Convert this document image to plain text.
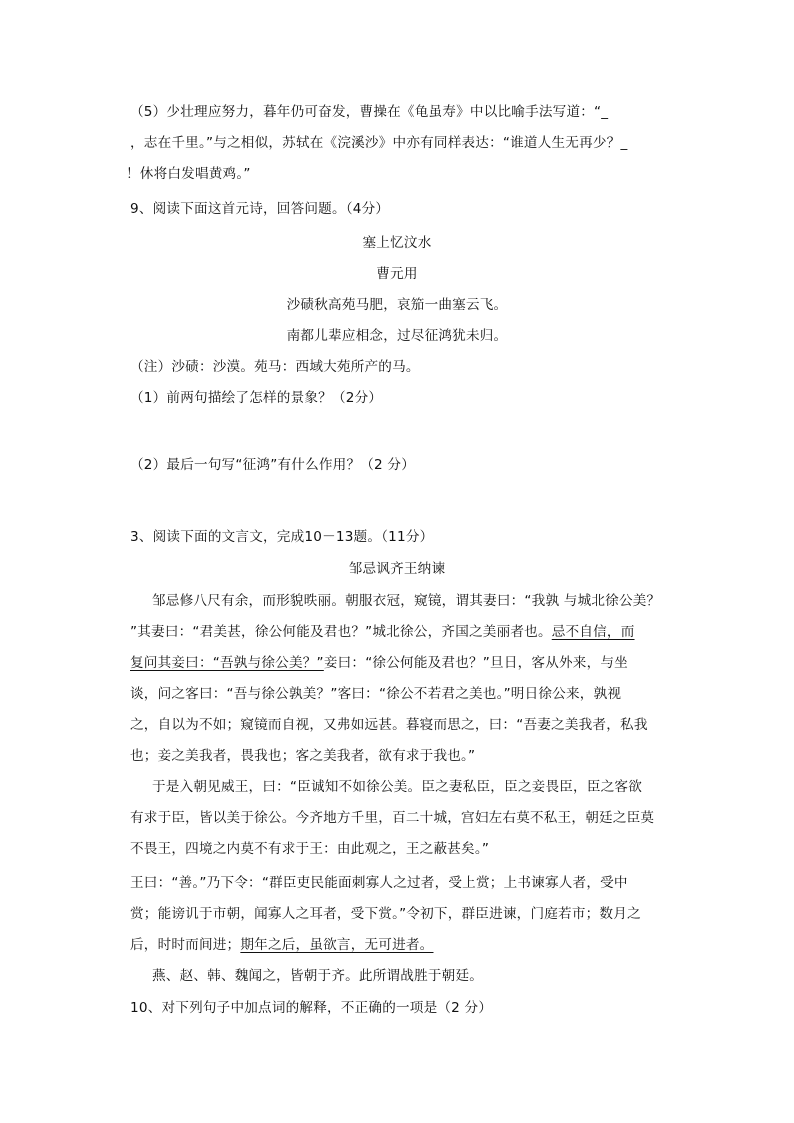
（5）少壮理应努力，暮年仍可奋发，曹操在《龟虽寿》中以比喻手法写道：“_
，志在千里。”与之相似，苏轼在《浣溪沙》中亦有同样表达：“谁道人生无再少？_
！休将白发唱黄鸡。”
9、阅读下面这首元诗，回答问题。（4分）
塞上忆汶水
曹元用
沙碛秋高苑马肥，哀笳一曲塞云飞。
南都儿辈应相念，过尽征鸿犹未归。
（注）沙碛：沙漠。苑马：西域大苑所产的马。
（1）前两句描绘了怎样的景象？（2分）
（2）最后一句写“征鸿”有什么作用？（2 分）
3、阅读下面的文言文，完成10－13题。（11分）
邹忌讽齐王纳谏
邹忌修八尺有余，而形貌昳丽。朝服衣冠，窥镜，谓其妻曰：“我孰 与城北徐公美？
”其妻曰：“君美甚，徐公何能及君也？”城北徐公，齐国之美丽者也。忌不自信，而
复问其妾曰：“吾孰与徐公美？”妾曰：“徐公何能及君也？”旦日，客从外来，与坐
谈，问之客曰：“吾与徐公孰美？”客曰：“徐公不若君之美也。”明日徐公来，孰视
之，自以为不如；窥镜而自视，又弗如远甚。暮寝而思之，曰：“吾妻之美我者，私我
也；妾之美我者，畏我也；客之美我者，欲有求于我也。”
于是入朝见威王，曰：“臣诚知不如徐公美。臣之妻私臣，臣之妾畏臣，臣之客欲
有求于臣，皆以美于徐公。今齐地方千里，百二十城，宫妇左右莫不私王，朝廷之臣莫
不畏王，四境之内莫不有求于王：由此观之，王之蔽甚矣。”
王曰：“善。”乃下令：“群臣吏民能面刺寡人之过者，受上赏；上书谏寡人者，受中
赏；能谤讥于市朝，闻寡人之耳者，受下赏。”令初下，群臣进谏，门庭若市；数月之
后，时时而间进；期年之后，虽欲言，无可进者。
燕、赵、韩、魏闻之，皆朝于齐。此所谓战胜于朝廷。
10、对下列句子中加点词的解释，不正确的一项是（2 分）
